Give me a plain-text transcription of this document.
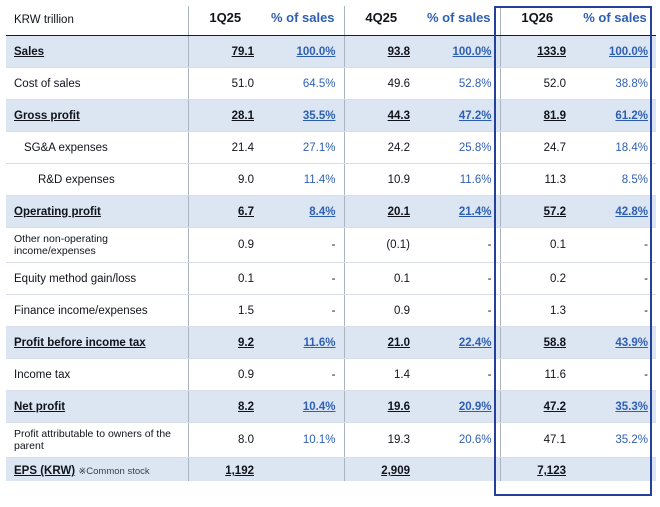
KRW trillion	1Q25	% of sales	4Q25	% of sales	1Q26	% of sales
Sales	79.1	100.0%	93.8	100.0%	133.9	100.0%
Cost of sales	51.0	64.5%	49.6	52.8%	52.0	38.8%
Gross profit	28.1	35.5%	44.3	47.2%	81.9	61.2%
SG&A expenses	21.4	27.1%	24.2	25.8%	24.7	18.4%
R&D expenses	9.0	11.4%	10.9	11.6%	11.3	8.5%
Operating profit	6.7	8.4%	20.1	21.4%	57.2	42.8%
Other non-operating income/expenses	0.9	-	(0.1)	-	0.1	-
Equity method gain/loss	0.1	-	0.1	-	0.2	-
Finance income/expenses	1.5	-	0.9	-	1.3	-
Profit before income tax	9.2	11.6%	21.0	22.4%	58.8	43.9%
Income tax	0.9	-	1.4	-	11.6	-
Net profit	8.2	10.4%	19.6	20.9%	47.2	35.3%
Profit attributable to owners of the parent	8.0	10.1%	19.3	20.6%	47.1	35.2%
EPS (KRW) ※Common stock	1,192		2,909		7,123	
